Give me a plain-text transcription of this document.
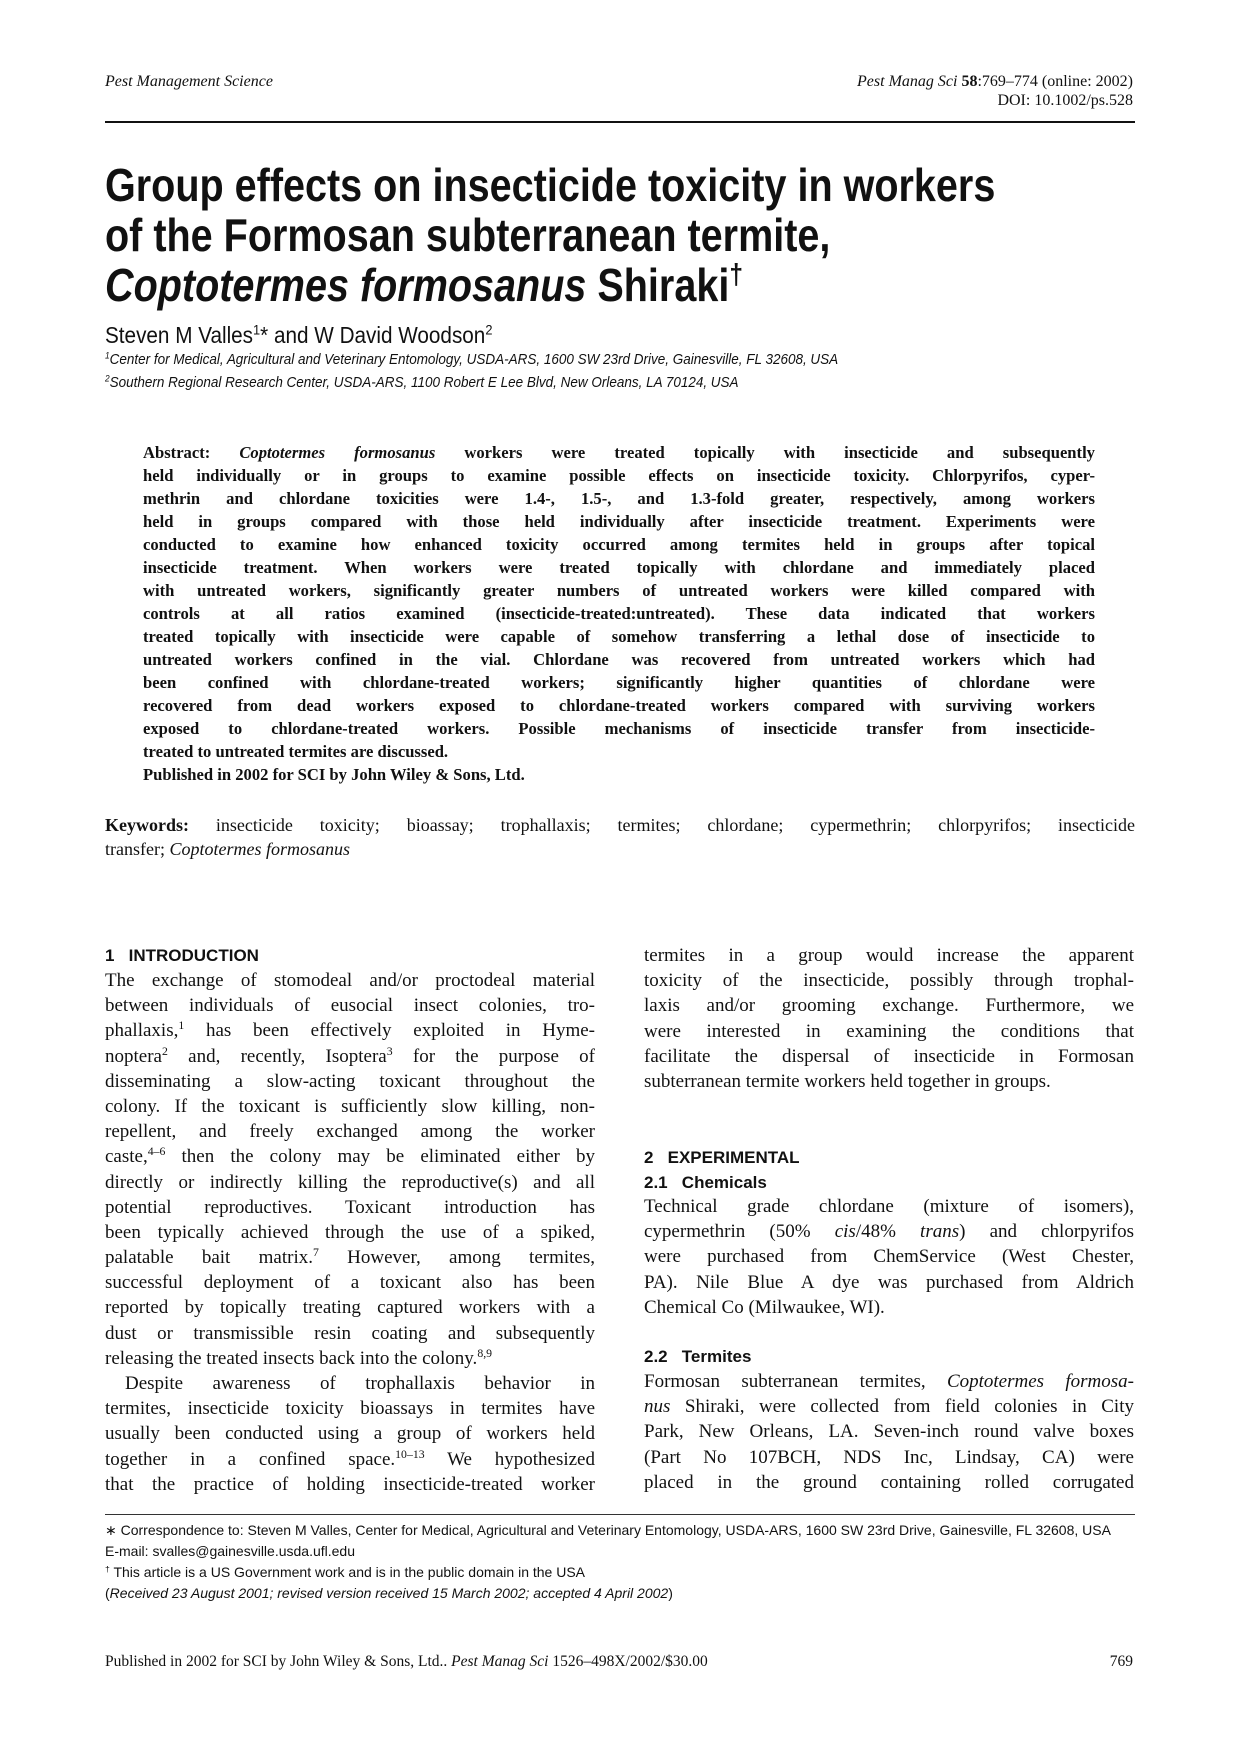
Pest Management Science	Pest Manag Sci 58:769–774 (online: 2002)
DOI: 10.1002/ps.528
Group effects on insecticide toxicity in workers
of the Formosan subterranean termite,
Coptotermes formosanus Shiraki†
Steven M Valles$^1$* and W David Woodson$^2$
$^1$Center for Medical, Agricultural and Veterinary Entomology, USDA-ARS, 1600 SW 23rd Drive, Gainesville, FL 32608, USA
$^2$Southern Regional Research Center, USDA-ARS, 1100 Robert E Lee Blvd, New Orleans, LA 70124, USA
Abstract: Coptotermes formosanus workers were treated topically with insecticide and subsequently
held individually or in groups to examine possible effects on insecticide toxicity. Chlorpyrifos, cyper-
methrin and chlordane toxicities were 1.4-, 1.5-, and 1.3-fold greater, respectively, among workers
held in groups compared with those held individually after insecticide treatment. Experiments were
conducted to examine how enhanced toxicity occurred among termites held in groups after topical
insecticide treatment. When workers were treated topically with chlordane and immediately placed
with untreated workers, significantly greater numbers of untreated workers were killed compared with
controls at all ratios examined (insecticide-treated:untreated). These data indicated that workers
treated topically with insecticide were capable of somehow transferring a lethal dose of insecticide to
untreated workers confined in the vial. Chlordane was recovered from untreated workers which had
been confined with chlordane-treated workers; significantly higher quantities of chlordane were
recovered from dead workers exposed to chlordane-treated workers compared with surviving workers
exposed to chlordane-treated workers. Possible mechanisms of insecticide transfer from insecticide-
treated to untreated termites are discussed.
Published in 2002 for SCI by John Wiley & Sons, Ltd.
Keywords: insecticide toxicity; bioassay; trophallaxis; termites; chlordane; cypermethrin; chlorpyrifos; insecticide
transfer; Coptotermes formosanus
1   INTRODUCTION
The exchange of stomodeal and/or proctodeal material
between individuals of eusocial insect colonies, tro-
phallaxis,$^1$ has been effectively exploited in Hyme-
noptera$^2$ and, recently, Isoptera$^3$ for the purpose of
disseminating a slow-acting toxicant throughout the
colony. If the toxicant is sufficiently slow killing, non-
repellent, and freely exchanged among the worker
caste,$^{4-6}$ then the colony may be eliminated either by
directly or indirectly killing the reproductive(s) and all
potential reproductives. Toxicant introduction has
been typically achieved through the use of a spiked,
palatable bait matrix.$^7$ However, among termites,
successful deployment of a toxicant also has been
reported by topically treating captured workers with a
dust or transmissible resin coating and subsequently
releasing the treated insects back into the colony.$^{8,9}$
Despite awareness of trophallaxis behavior in
termites, insecticide toxicity bioassays in termites have
usually been conducted using a group of workers held
together in a confined space.$^{10-13}$ We hypothesized
that the practice of holding insecticide-treated worker
termites in a group would increase the apparent
toxicity of the insecticide, possibly through trophal-
laxis and/or grooming exchange. Furthermore, we
were interested in examining the conditions that
facilitate the dispersal of insecticide in Formosan
subterranean termite workers held together in groups.
2   EXPERIMENTAL
2.1   Chemicals
Technical grade chlordane (mixture of isomers),
cypermethrin (50% cis/48% trans) and chlorpyrifos
were purchased from ChemService (West Chester,
PA). Nile Blue A dye was purchased from Aldrich
Chemical Co (Milwaukee, WI).
2.2   Termites
Formosan subterranean termites, Coptotermes formosa-
nus Shiraki, were collected from field colonies in City
Park, New Orleans, LA. Seven-inch round valve boxes
(Part No 107BCH, NDS Inc, Lindsay, CA) were
placed in the ground containing rolled corrugated
∗ Correspondence to: Steven M Valles, Center for Medical, Agricultural and Veterinary Entomology, USDA-ARS, 1600 SW 23rd Drive, Gainesville, FL 32608, USA
E-mail: svalles@gainesville.usda.ufl.edu
† This article is a US Government work and is in the public domain in the USA
(Received 23 August 2001; revised version received 15 March 2002; accepted 4 April 2002)
Published in 2002 for SCI by John Wiley & Sons, Ltd.. Pest Manag Sci 1526–498X/2002/$30.00	769
